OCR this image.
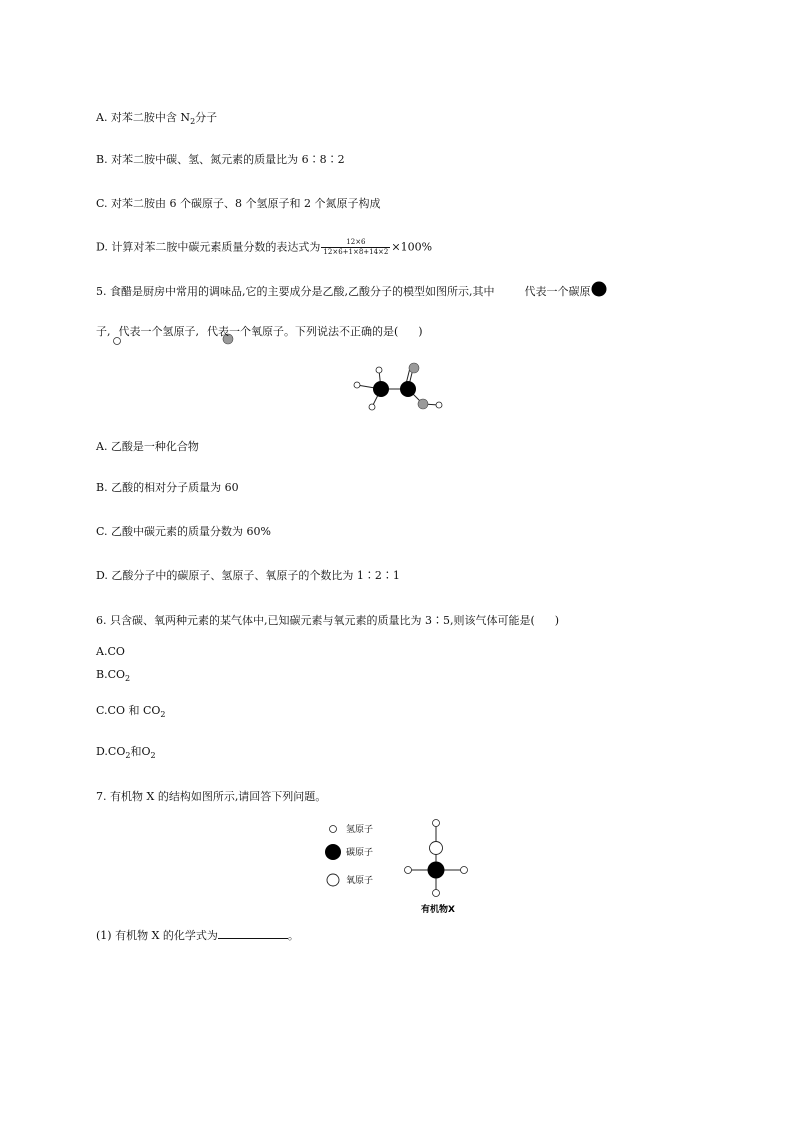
A. 对苯二胺中含 $N_2$分子
B. 对苯二胺中碳、氢、氮元素的质量比为 6∶8∶2
C. 对苯二胺由 6 个碳原子、8 个氢原子和 2 个氮原子构成
D. 计算对苯二胺中碳元素质量分数的表达式为 $\frac{12\times 6}{12\times 6+1\times 8+14\times 2} \times 100\%$
5. 食醋是厨房中常用的调味品,它的主要成分是乙酸,乙酸分子的模型如图所示,其中	代表一个碳原
子, 代表一个氢原子, 代表一个氧原子。下列说法不正确的是( )
A. 乙酸是一种化合物
B. 乙酸的相对分子质量为 60
C. 乙酸中碳元素的质量分数为 60%
D. 乙酸分子中的碳原子、氢原子、氧原子的个数比为 1∶2∶1
6. 只含碳、氧两种元素的某气体中,已知碳元素与氧元素的质量比为 3∶5,则该气体可能是( )
A.CO
$B.CO_2$
C.CO 和 $CO_2$
$D.CO_2$和$O_2$
7. 有机物 X 的结构如图所示,请回答下列问题。
氢原子
碳原子
氧原子
有机物X
(1) 有机物 X 的化学式为	。
